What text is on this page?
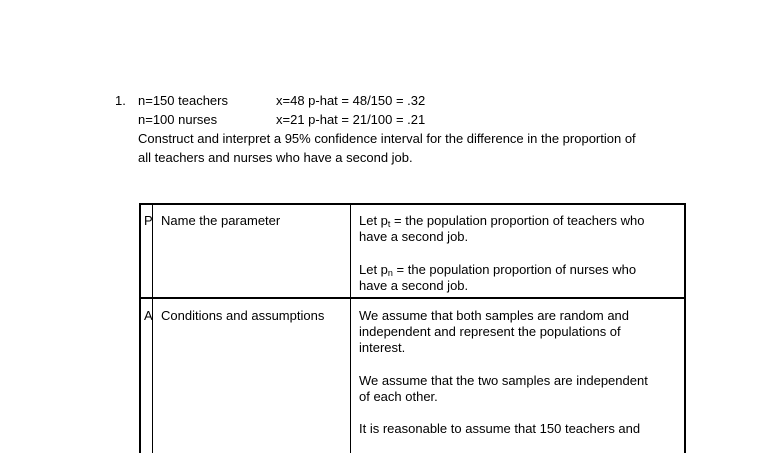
1. n=150 teachers	x=48 p-hat = 48/150 = .32
n=100 nurses	x=21 p-hat = 21/100 = .21
Construct and interpret a 95% confidence interval for the difference in the proportion of
all teachers and nurses who have a second job.
P Name the parameter	Let $p_t$ = the population proportion of teachers who
have a second job.
Let $p_n$ = the population proportion of nurses who
have a second job.
A Conditions and assumptions	We assume that both samples are random and
independent and represent the populations of
interest.
We assume that the two samples are independent
of each other.
It is reasonable to assume that 150 teachers and
